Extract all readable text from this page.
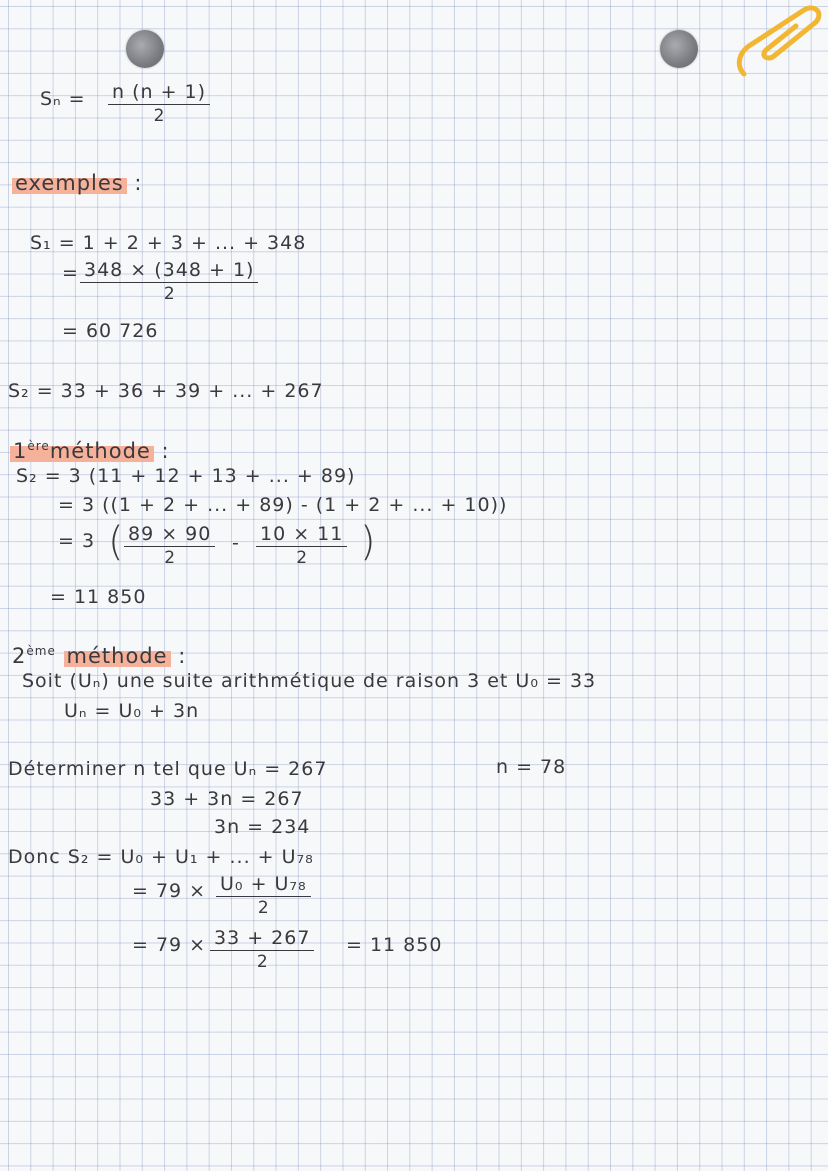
$S_n = \frac{n (n + 1)}{2}$
exemples :
S₁ = 1 + 2 + 3 + ... + 348
= $\frac{348 \times (348 + 1)}{2}$
= 60 726
S₂ = 33 + 36 + 39 + ... + 267
1èreméthode :
S₂ = 3 (11 + 12 + 13 + ... + 89)
= 3 ((1 + 2 + ... + 89) - (1 + 2 + ... + 10))
= 3 ( $\frac{89 \times 90}{2} - \frac{10 \times 11}{2}$ )
= 11 850
2ème méthode :
Soit (Uₙ) une suite arithmétique de raison 3 et U₀ = 33
Uₙ = U₀ + 3n
Déterminer n tel que Uₙ = 267	n = 78
33 + 3n = 267
3n = 234
Donc S₂ = U₀ + U₁ + ... + U₇₈
= $79 \times \frac{\text{U₀ + U₇₈}}{2}$
= $79 \times \frac{33 + 267}{2} = 11$ 850
